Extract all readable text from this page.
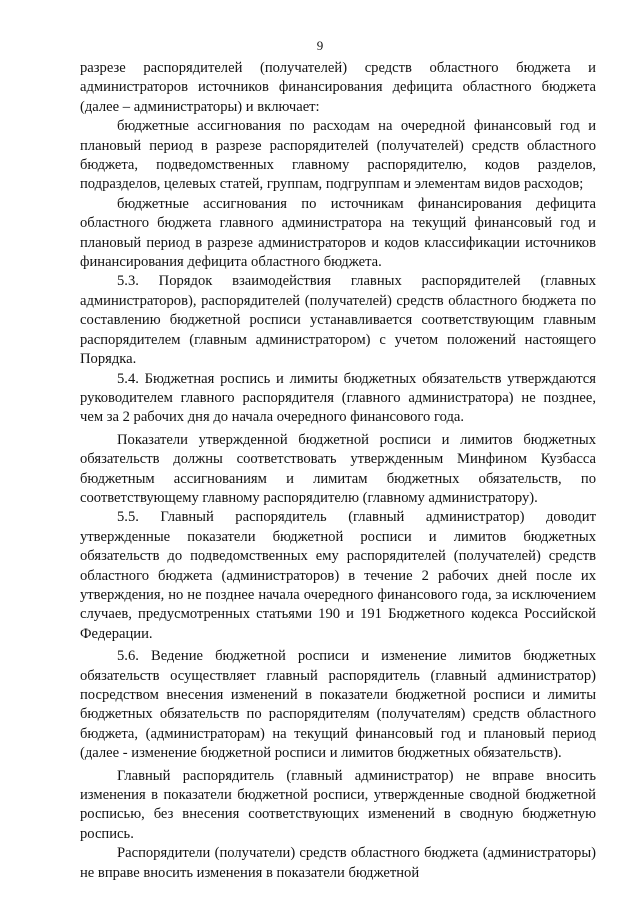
9

разрезе распорядителей (получателей) средств областного бюджета и администраторов источников финансирования дефицита областного бюджета (далее – администраторы) и включает:

бюджетные ассигнования по расходам на очередной финансовый год и плановый период в разрезе распорядителей (получателей) средств областного бюджета, подведомственных главному распорядителю, кодов разделов, подразделов, целевых статей, группам, подгруппам и элементам видов расходов;

бюджетные ассигнования по источникам финансирования дефицита областного бюджета главного администратора на текущий финансовый год и плановый период в разрезе администраторов и кодов классификации источников финансирования дефицита областного бюджета.

5.3. Порядок взаимодействия главных распорядителей (главных администраторов), распорядителей (получателей) средств областного бюджета по составлению бюджетной росписи устанавливается соответствующим главным распорядителем (главным администратором) с учетом положений настоящего Порядка.

5.4. Бюджетная роспись и лимиты бюджетных обязательств утверждаются руководителем главного распорядителя (главного администратора) не позднее, чем за 2 рабочих дня до начала очередного финансового года.

Показатели утвержденной бюджетной росписи и лимитов бюджетных обязательств должны соответствовать утвержденным Минфином Кузбасса бюджетным ассигнованиям и лимитам бюджетных обязательств, по соответствующему главному распорядителю (главному администратору).

5.5. Главный распорядитель (главный администратор) доводит утвержденные показатели бюджетной росписи и лимитов бюджетных обязательств до подведомственных ему распорядителей (получателей) средств областного бюджета (администраторов) в течение 2 рабочих дней после их утверждения, но не позднее начала очередного финансового года, за исключением случаев, предусмотренных статьями 190 и 191 Бюджетного кодекса Российской Федерации.

5.6. Ведение бюджетной росписи и изменение лимитов бюджетных обязательств осуществляет главный распорядитель (главный администратор) посредством внесения изменений в показатели бюджетной росписи и лимиты бюджетных обязательств по распорядителям (получателям) средств областного бюджета, (администраторам) на текущий финансовый год и плановый период (далее - изменение бюджетной росписи и лимитов бюджетных обязательств).

Главный распорядитель (главный администратор) не вправе вносить изменения в показатели бюджетной росписи, утвержденные сводной бюджетной росписью, без внесения соответствующих изменений в сводную бюджетную роспись.

Распорядители (получатели) средств областного бюджета (администраторы) не вправе вносить изменения в показатели бюджетной
